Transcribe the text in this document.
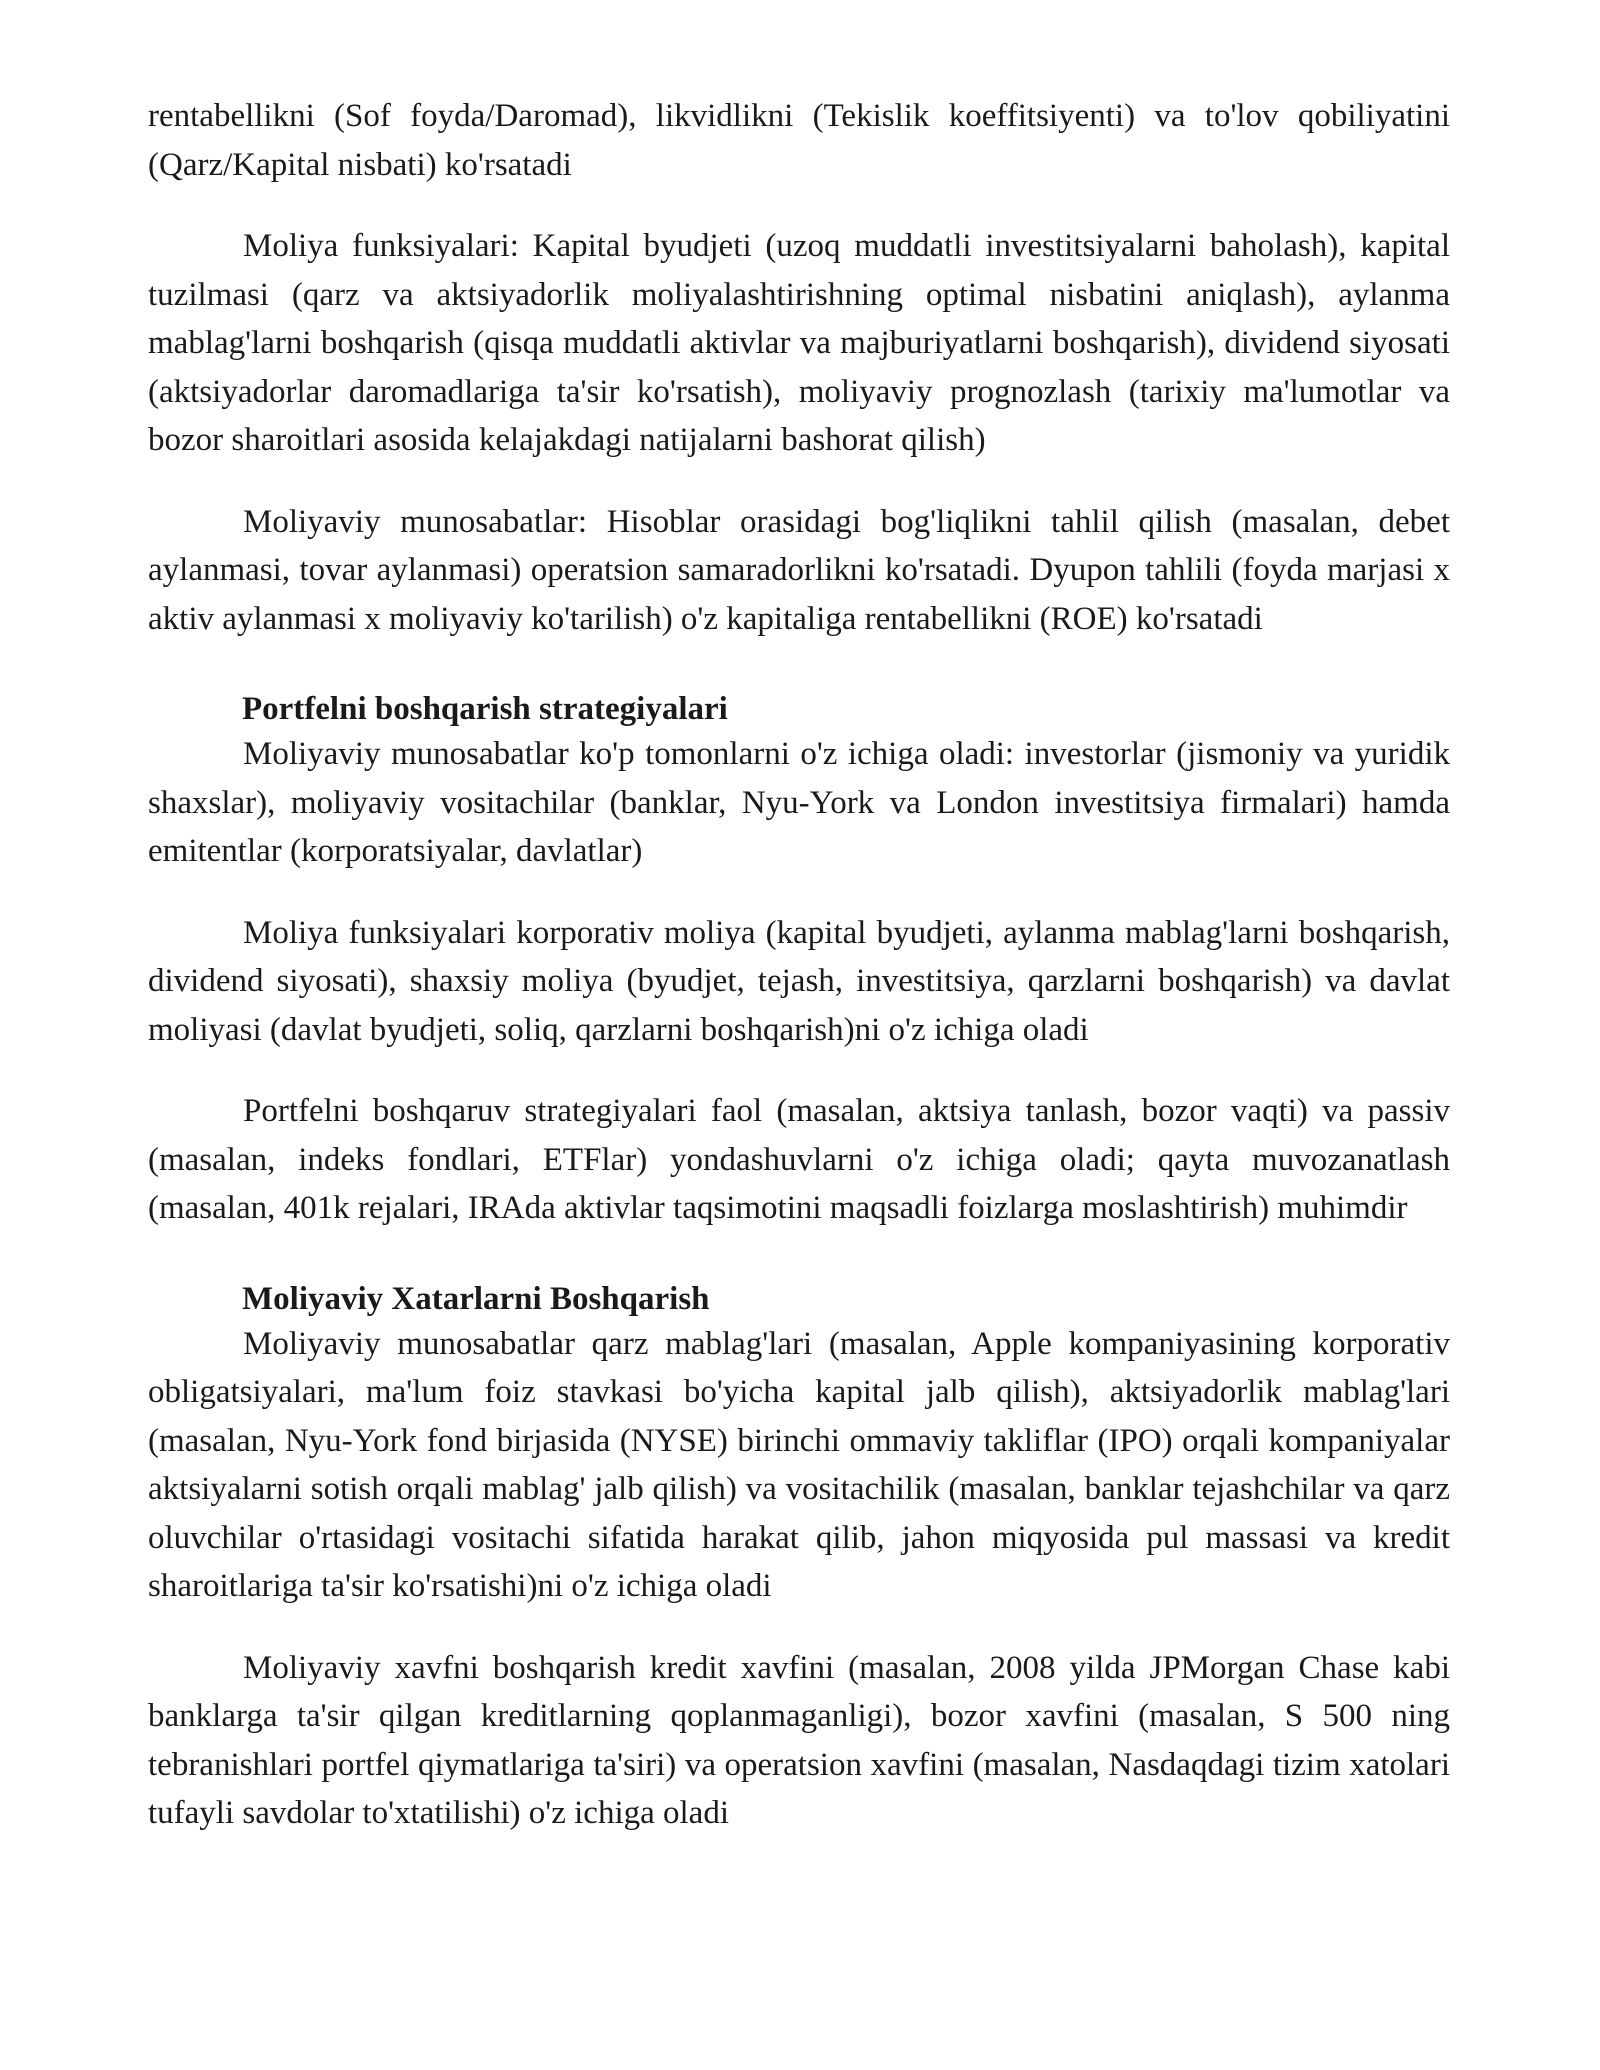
rentabellikni (Sof foyda/Daromad), likvidlikni (Tekislik koeffitsiyenti) va to'lov qobiliyatini (Qarz/Kapital nisbati) ko'rsatadi

Moliya funksiyalari: Kapital byudjeti (uzoq muddatli investitsiyalarni baholash), kapital tuzilmasi (qarz va aktsiyadorlik moliyalashtirishning optimal nisbatini aniqlash), aylanma mablag'larni boshqarish (qisqa muddatli aktivlar va majburiyatlarni boshqarish), dividend siyosati (aktsiyadorlar daromadlariga ta'sir ko'rsatish), moliyaviy prognozlash (tarixiy ma'lumotlar va bozor sharoitlari asosida kelajakdagi natijalarni bashorat qilish)

Moliyaviy munosabatlar: Hisoblar orasidagi bog'liqlikni tahlil qilish (masalan, debet aylanmasi, tovar aylanmasi) operatsion samaradorlikni ko'rsatadi. Dyupon tahlili (foyda marjasi x aktiv aylanmasi x moliyaviy ko'tarilish) o'z kapitaliga rentabellikni (ROE) ko'rsatadi

Portfelni boshqarish strategiyalari

Moliyaviy munosabatlar ko'p tomonlarni o'z ichiga oladi: investorlar (jismoniy va yuridik shaxslar), moliyaviy vositachilar (banklar, Nyu-York va London investitsiya firmalari) hamda emitentlar (korporatsiyalar, davlatlar)

Moliya funksiyalari korporativ moliya (kapital byudjeti, aylanma mablag'larni boshqarish, dividend siyosati), shaxsiy moliya (byudjet, tejash, investitsiya, qarzlarni boshqarish) va davlat moliyasi (davlat byudjeti, soliq, qarzlarni boshqarish)ni o'z ichiga oladi

Portfelni boshqaruv strategiyalari faol (masalan, aktsiya tanlash, bozor vaqti) va passiv (masalan, indeks fondlari, ETFlar) yondashuvlarni o'z ichiga oladi; qayta muvozanatlash (masalan, 401k rejalari, IRAda aktivlar taqsimotini maqsadli foizlarga moslashtirish) muhimdir

Moliyaviy Xatarlarni Boshqarish

Moliyaviy munosabatlar qarz mablag'lari (masalan, Apple kompaniyasining korporativ obligatsiyalari, ma'lum foiz stavkasi bo'yicha kapital jalb qilish), aktsiyadorlik mablag'lari (masalan, Nyu-York fond birjasida (NYSE) birinchi ommaviy takliflar (IPO) orqali kompaniyalar aktsiyalarni sotish orqali mablag' jalb qilish) va vositachilik (masalan, banklar tejashchilar va qarz oluvchilar o'rtasidagi vositachi sifatida harakat qilib, jahon miqyosida pul massasi va kredit sharoitlariga ta'sir ko'rsatishi)ni o'z ichiga oladi

Moliyaviy xavfni boshqarish kredit xavfini (masalan, 2008 yilda JPMorgan Chase kabi banklarga ta'sir qilgan kreditlarning qoplanmaganligi), bozor xavfini (masalan, S 500 ning tebranishlari portfel qiymatlariga ta'siri) va operatsion xavfini (masalan, Nasdaqdagi tizim xatolari tufayli savdolar to'xtatilishi) o'z ichiga oladi
